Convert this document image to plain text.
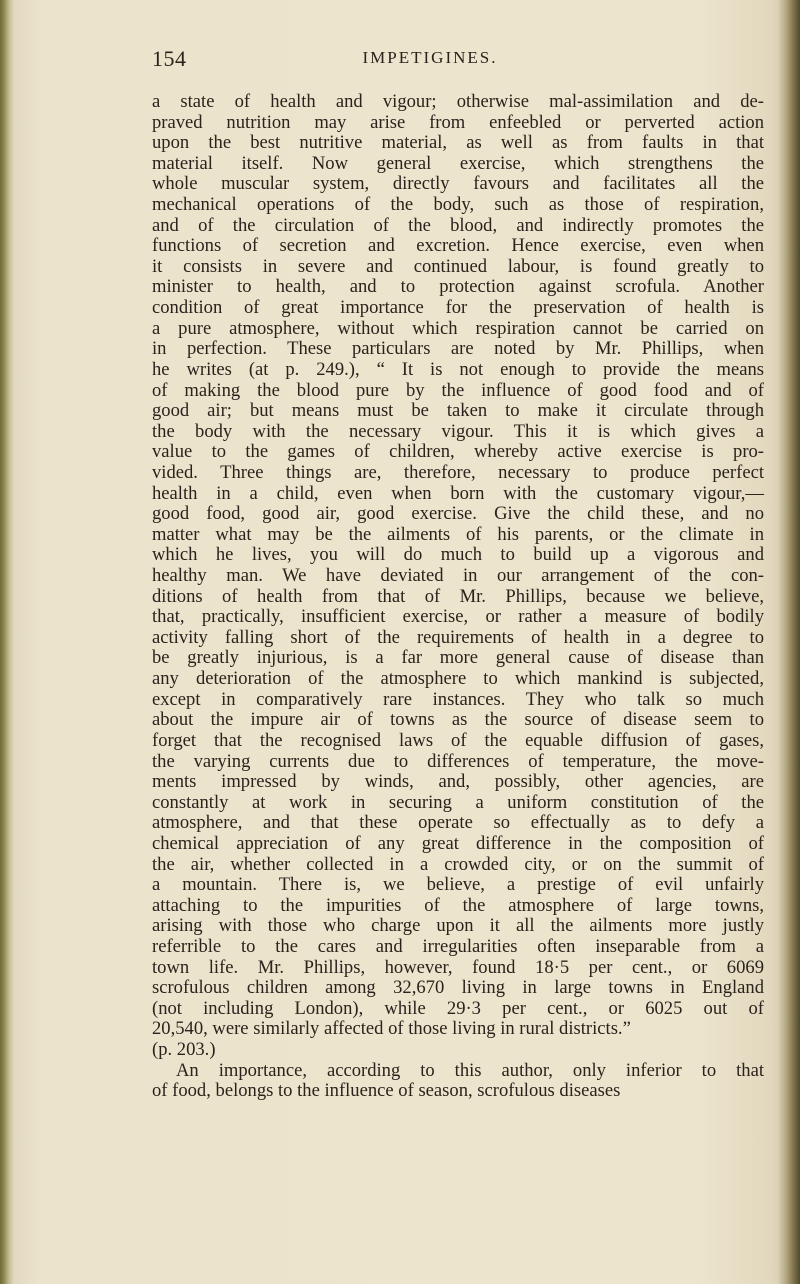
154	IMPETIGINES.
a state of health and vigour; otherwise mal-assimilation and de-
praved nutrition may arise from enfeebled or perverted action
upon the best nutritive material, as well as from faults in that
material itself. Now general exercise, which strengthens the
whole muscular system, directly favours and facilitates all the
mechanical operations of the body, such as those of respiration,
and of the circulation of the blood, and indirectly promotes the
functions of secretion and excretion. Hence exercise, even when
it consists in severe and continued labour, is found greatly to
minister to health, and to protection against scrofula. Another
condition of great importance for the preservation of health is
a pure atmosphere, without which respiration cannot be carried on
in perfection. These particulars are noted by Mr. Phillips, when
he writes (at p. 249.), “ It is not enough to provide the means
of making the blood pure by the influence of good food and of
good air; but means must be taken to make it circulate through
the body with the necessary vigour. This it is which gives a
value to the games of children, whereby active exercise is pro-
vided. Three things are, therefore, necessary to produce perfect
health in a child, even when born with the customary vigour,—
good food, good air, good exercise. Give the child these, and no
matter what may be the ailments of his parents, or the climate in
which he lives, you will do much to build up a vigorous and
healthy man. We have deviated in our arrangement of the con-
ditions of health from that of Mr. Phillips, because we believe,
that, practically, insufficient exercise, or rather a measure of bodily
activity falling short of the requirements of health in a degree to
be greatly injurious, is a far more general cause of disease than
any deterioration of the atmosphere to which mankind is subjected,
except in comparatively rare instances. They who talk so much
about the impure air of towns as the source of disease seem to
forget that the recognised laws of the equable diffusion of gases,
the varying currents due to differences of temperature, the move-
ments impressed by winds, and, possibly, other agencies, are
constantly at work in securing a uniform constitution of the
atmosphere, and that these operate so effectually as to defy a
chemical appreciation of any great difference in the composition of
the air, whether collected in a crowded city, or on the summit of
a mountain. There is, we believe, a prestige of evil unfairly
attaching to the impurities of the atmosphere of large towns,
arising with those who charge upon it all the ailments more justly
referrible to the cares and irregularities often inseparable from a
town life. Mr. Phillips, however, found 18·5 per cent., or 6069
scrofulous children among 32,670 living in large towns in England
(not including London), while 29·3 per cent., or 6025 out of
20,540, were similarly affected of those living in rural districts.”
(p. 203.)
An importance, according to this author, only inferior to that
of food, belongs to the influence of season, scrofulous diseases
